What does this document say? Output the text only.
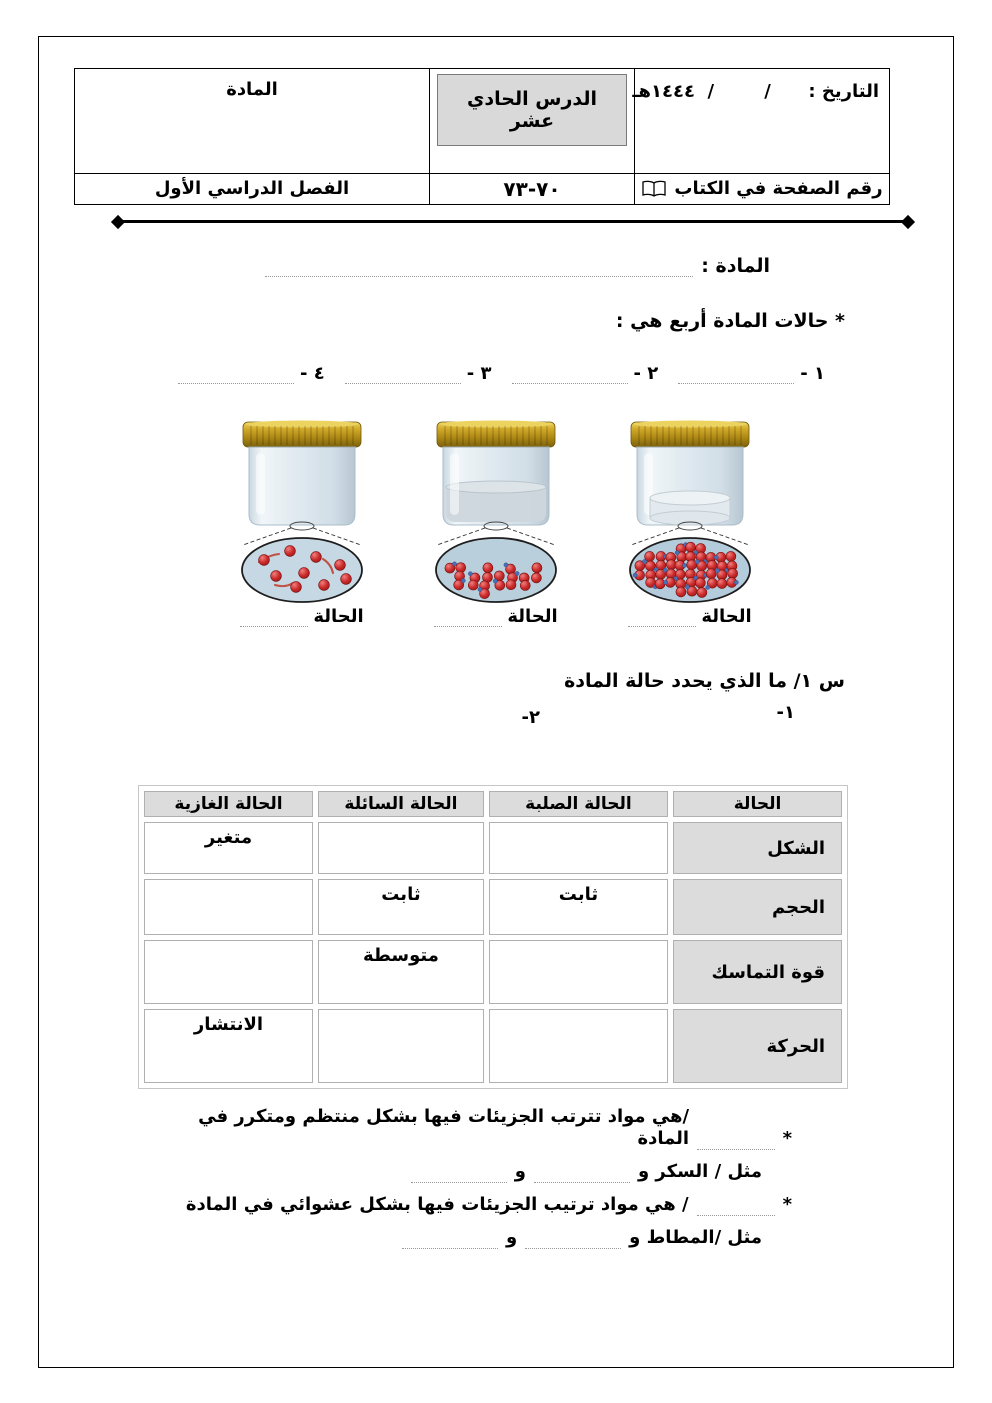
التاريخ :      /        /  ١٤٤٤هـ	الدرس الحادي عشر	المادة

رقم الصفحة في الكتاب	٧٠-٧٣	الفصل الدراسي الأول
المادة :
* حالات المادة أربع هي :
١ -
٢ -
٣ -
٤ -
الحالة
الحالة
الحالة
س ١/ ما الذي يحدد حالة المادة
١-
٢-
الحالة	الحالة الصلبة	الحالة السائلة	الحالة الغازية
الشكل			متغير
الحجم	ثابت	ثابت	
قوة التماسك		متوسطة	
الحركة			الانتشار
*
/هي مواد تترتب الجزيئات فيها بشكل منتظم ومتكرر في المادة
مثل / السكر و
و
*
/ هي مواد ترتيب الجزيئات فيها بشكل عشوائي في المادة
مثل /المطاط و
و
